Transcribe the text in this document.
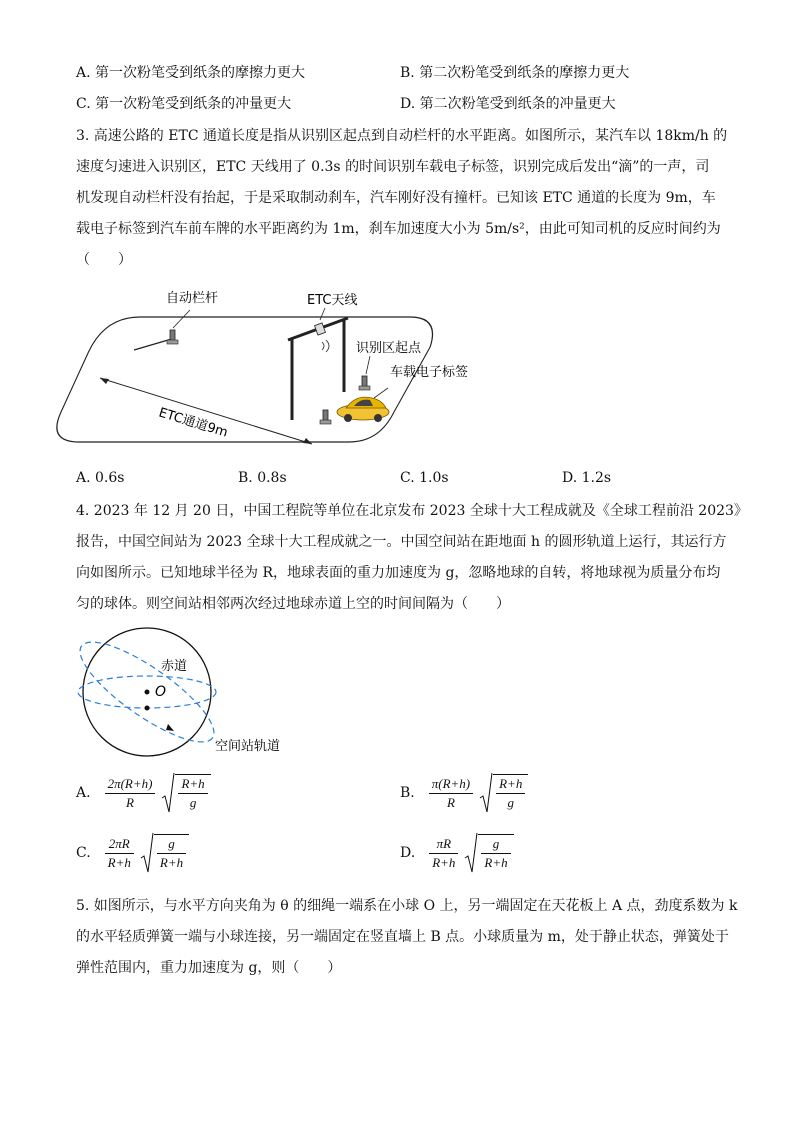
A. 第一次粉笔受到纸条的摩擦力更大	B. 第二次粉笔受到纸条的摩擦力更大
C. 第一次粉笔受到纸条的冲量更大	D. 第二次粉笔受到纸条的冲量更大
3. 高速公路的 ETC 通道长度是指从识别区起点到自动栏杆的水平距离。如图所示，某汽车以 18km/h 的
速度匀速进入识别区，ETC 天线用了 0.3s 的时间识别车载电子标签，识别完成后发出“滴”的一声，司
机发现自动栏杆没有抬起，于是采取制动刹车，汽车刚好没有撞杆。已知该 ETC 通道的长度为 9m，车
载电子标签到汽车前车牌的水平距离约为 1m，刹车加速度大小为 5m/s²，由此可知司机的反应时间约为
（　　）
自动栏杆	ETC天线
识别区起点
车载电子标签
ETC通道9m
A. 0.6s	B. 0.8s	C. 1.0s	D. 1.2s
4. 2023 年 12 月 20 日，中国工程院等单位在北京发布 2023 全球十大工程成就及《全球工程前沿 2023》
报告，中国空间站为 2023 全球十大工程成就之一。中国空间站在距地面 h 的圆形轨道上运行，其运行方
向如图所示。已知地球半径为 R，地球表面的重力加速度为 g，忽略地球的自转，将地球视为质量分布均
匀的球体。则空间站相邻两次经过地球赤道上空的时间间隔为（　　）
O
赤道
空间站轨道
A. $\frac{2\pi(R+h)}{R} \frac{R+h}{g}$	B. $\frac{\pi(R+h)}{R} \frac{R+h}{g}$
C. $\frac{2\pi R}{R+h} \frac{g}{R+h}$	D. $\frac{\pi R}{R+h} \frac{g}{R+h}$
5. 如图所示，与水平方向夹角为 θ 的细绳一端系在小球 O 上，另一端固定在天花板上 A 点，劲度系数为 k
的水平轻质弹簧一端与小球连接，另一端固定在竖直墙上 B 点。小球质量为 m，处于静止状态，弹簧处于
弹性范围内，重力加速度为 g，则（　　）
